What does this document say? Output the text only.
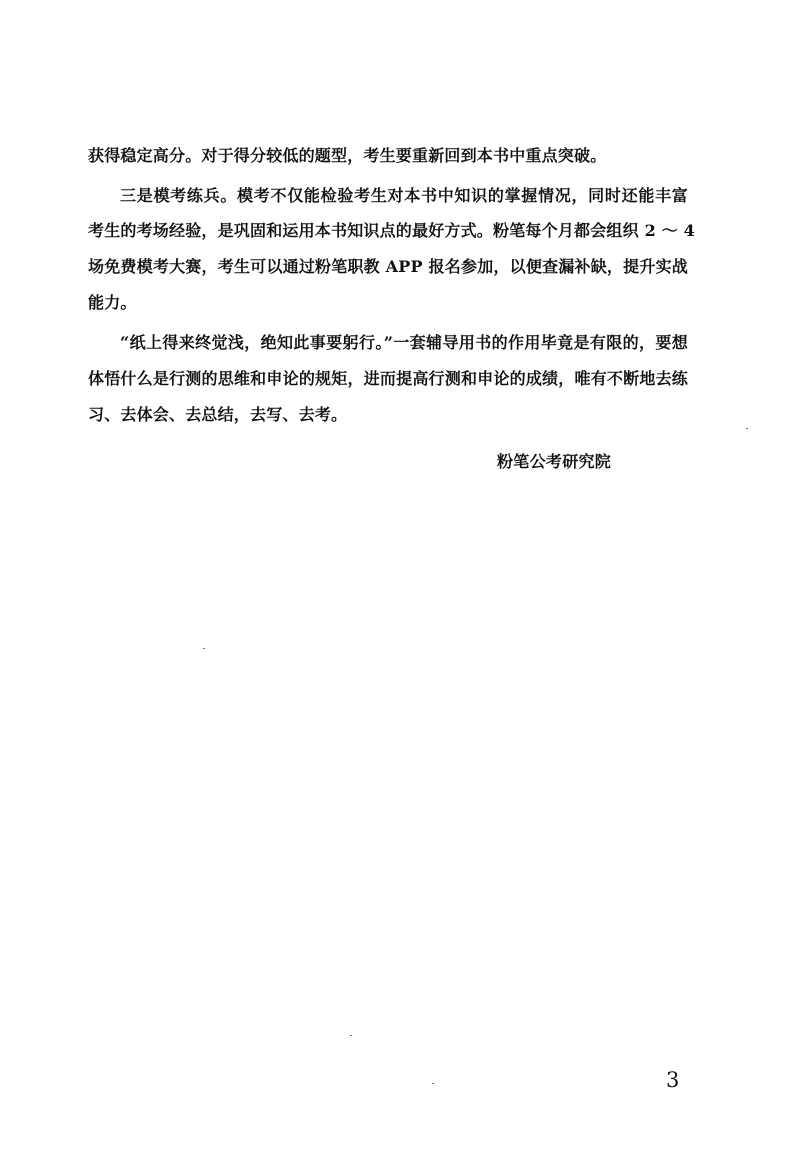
获得稳定高分。对于得分较低的题型，考生要重新回到本书中重点突破。
三是模考练兵。模考不仅能检验考生对本书中知识的掌握情况，同时还能丰富
考生的考场经验，是巩固和运用本书知识点的最好方式。粉笔每个月都会组织 2 ～ 4
场免费模考大赛，考生可以通过粉笔职教 APP 报名参加，以便查漏补缺，提升实战
能力。
“纸上得来终觉浅，绝知此事要躬行。”一套辅导用书的作用毕竟是有限的，要想
体悟什么是行测的思维和申论的规矩，进而提高行测和申论的成绩，唯有不断地去练
习、去体会、去总结，去写、去考。
粉笔公考研究院
3
